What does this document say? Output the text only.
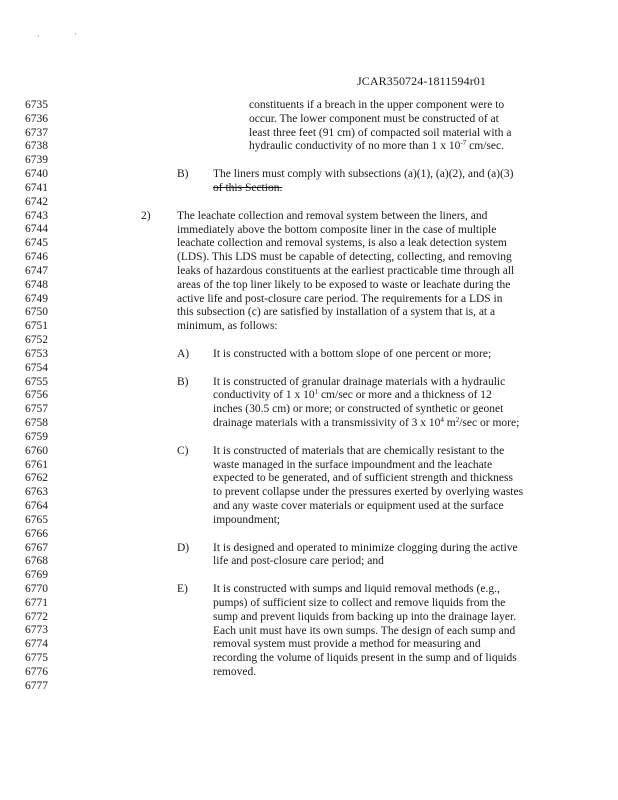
'	’
JCAR350724-1811594r01
6735
6736
6737
6738
6739
6740
6741
6742
6743
6744
6745
6746
6747
6748
6749
6750
6751
6752
6753
6754
6755
6756
6757
6758
6759
6760
6761
6762
6763
6764
6765
6766
6767
6768
6769
6770
6771
6772
6773
6774
6775
6776
6777
constituents if a breach in the upper component were to
occur. The lower component must be constructed of at
least three feet (91 cm) of compacted soil material with a
hydraulic conductivity of no more than 1 x $10^{-7}$ cm/sec.
B) The liners must comply with subsections (a)(1), (a)(2), and (a)(3)
of this Section.
2) The leachate collection and removal system between the liners, and
immediately above the bottom composite liner in the case of multiple
leachate collection and removal systems, is also a leak detection system
(LDS). This LDS must be capable of detecting, collecting, and removing
leaks of hazardous constituents at the earliest practicable time through all
areas of the top liner likely to be exposed to waste or leachate during the
active life and post-closure care period. The requirements for a LDS in
this subsection (c) are satisfied by installation of a system that is, at a
minimum, as follows:
A) It is constructed with a bottom slope of one percent or more;
B) It is constructed of granular drainage materials with a hydraulic
conductivity of 1 x $10^1$ cm/sec or more and a thickness of 12
inches (30.5 cm) or more; or constructed of synthetic or geonet
drainage materials with a transmissivity of 3 x $10^4$ $m^2/\sec$ or more;
C) It is constructed of materials that are chemically resistant to the
waste managed in the surface impoundment and the leachate
expected to be generated, and of sufficient strength and thickness
to prevent collapse under the pressures exerted by overlying wastes
and any waste cover materials or equipment used at the surface
impoundment;
D) It is designed and operated to minimize clogging during the active
life and post-closure care period; and
E) It is constructed with sumps and liquid removal methods (e.g.,
pumps) of sufficient size to collect and remove liquids from the
sump and prevent liquids from backing up into the drainage layer.
Each unit must have its own sumps. The design of each sump and
removal system must provide a method for measuring and
recording the volume of liquids present in the sump and of liquids
removed.
